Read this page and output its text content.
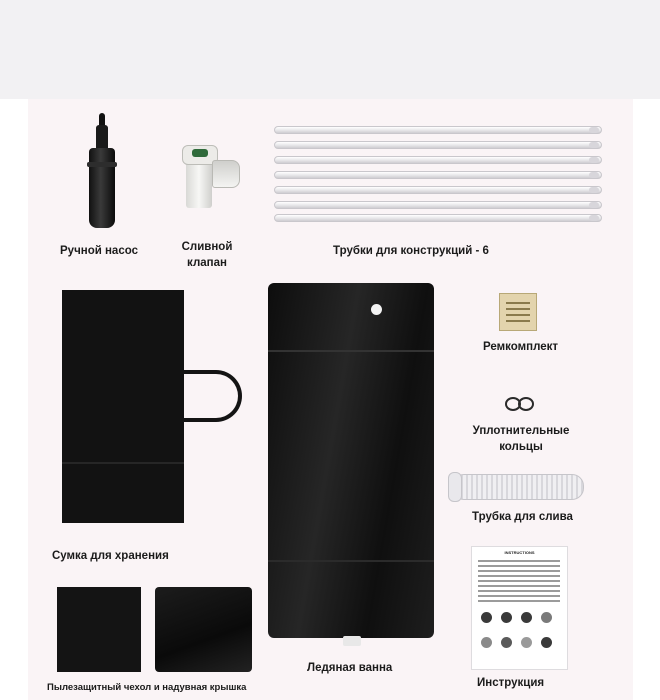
Ручной насос	Сливной
клапан
Трубки для конструкций - 6
Сумка для хранения
Ледяная ванна
Ремкомплект
Уплотнительные
кольцы
Трубка для слива
Пылезащитный чехол и надувная крышка
INSTRUCTIONS
Инструкция
